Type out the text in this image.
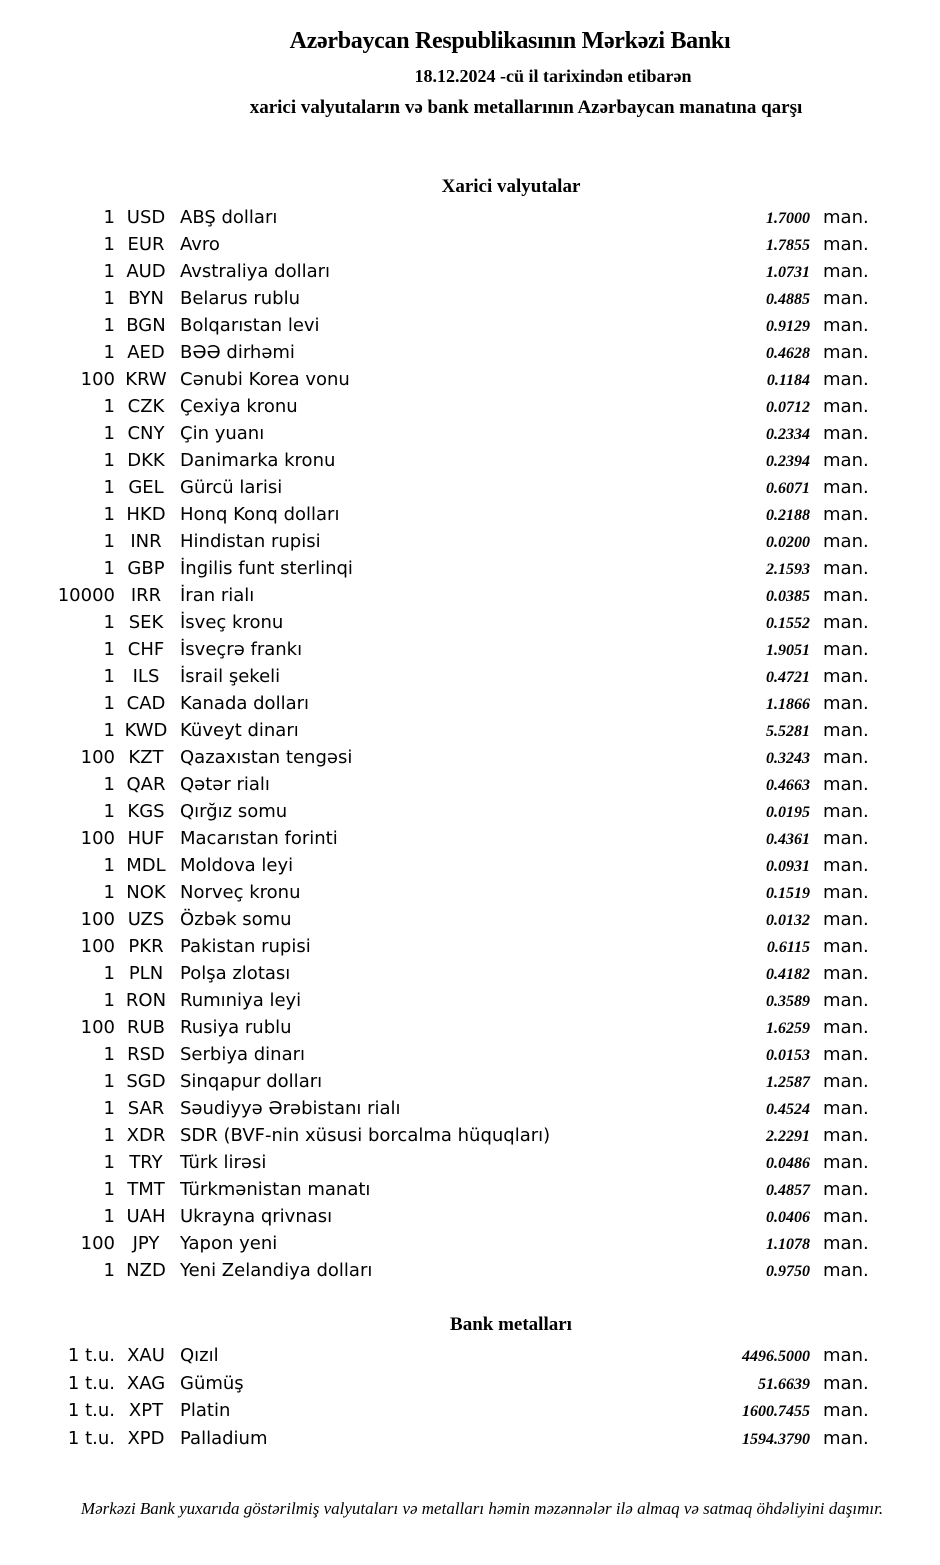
Azərbaycan Respublikasının Mərkəzi Bankı
18.12.2024 -cü il tarixindən etibarən
xarici valyutaların və bank metallarının Azərbaycan manatına qarşı
Xarici valyutalar
1 USD ABŞ dolları	1.7000 man.
1 EUR Avro	1.7855 man.
1 AUD Avstraliya dolları	1.0731 man.
1 BYN Belarus rublu	0.4885 man.
1 BGN Bolqarıstan levi	0.9129 man.
1 AED BƏƏ dirhəmi	0.4628 man.
100 KRW Cənubi Korea vonu	0.1184 man.
1 CZK Çexiya kronu	0.0712 man.
1 CNY Çin yuanı	0.2334 man.
1 DKK Danimarka kronu	0.2394 man.
1 GEL Gürcü larisi	0.6071 man.
1 HKD Honq Konq dolları	0.2188 man.
1 INR	Hindistan rupisi	0.0200 man.
1 GBP İngilis funt sterlinqi	2.1593 man.
10000 IRR	İran rialı	0.0385 man.
1 SEK İsveç kronu	0.1552 man.
1 CHF İsveçrə frankı	1.9051 man.
1 ILS	İsrail şekeli	0.4721 man.
1 CAD Kanada dolları	1.1866 man.
1 KWD Küveyt dinarı	5.5281 man.
100 KZT Qazaxıstan tengəsi	0.3243 man.
1 QAR Qətər rialı	0.4663 man.
1 KGS Qırğız somu	0.0195 man.
100 HUF Macarıstan forinti	0.4361 man.
1 MDL Moldova leyi	0.0931 man.
1 NOK Norveç kronu	0.1519 man.
100 UZS Özbək somu	0.0132 man.
100 PKR Pakistan rupisi	0.6115 man.
1 PLN Polşa zlotası	0.4182 man.
1 RON Rumıniya leyi	0.3589 man.
100 RUB Rusiya rublu	1.6259 man.
1 RSD Serbiya dinarı	0.0153 man.
1 SGD Sinqapur dolları	1.2587 man.
1 SAR Səudiyyə Ərəbistanı rialı	0.4524 man.
1 XDR SDR (BVF-nin xüsusi borcalma hüquqları)	2.2291 man.
1 TRY Türk lirəsi	0.0486 man.
1 TMT Türkmənistan manatı	0.4857 man.
1 UAH Ukrayna qrivnası	0.0406 man.
100 JPY	Yapon yeni	1.1078 man.
1 NZD Yeni Zelandiya dolları	0.9750 man.
Bank metalları
1 t.u. XAU Qızıl	4496.5000 man.
1 t.u. XAG Gümüş	51.6639 man.
1 t.u. XPT Platin	1600.7455 man.
1 t.u. XPD Palladium	1594.3790 man.
Mərkəzi Bank yuxarıda göstərilmiş valyutaları və metalları həmin məzənnələr ilə almaq və satmaq öhdəliyini daşımır.
